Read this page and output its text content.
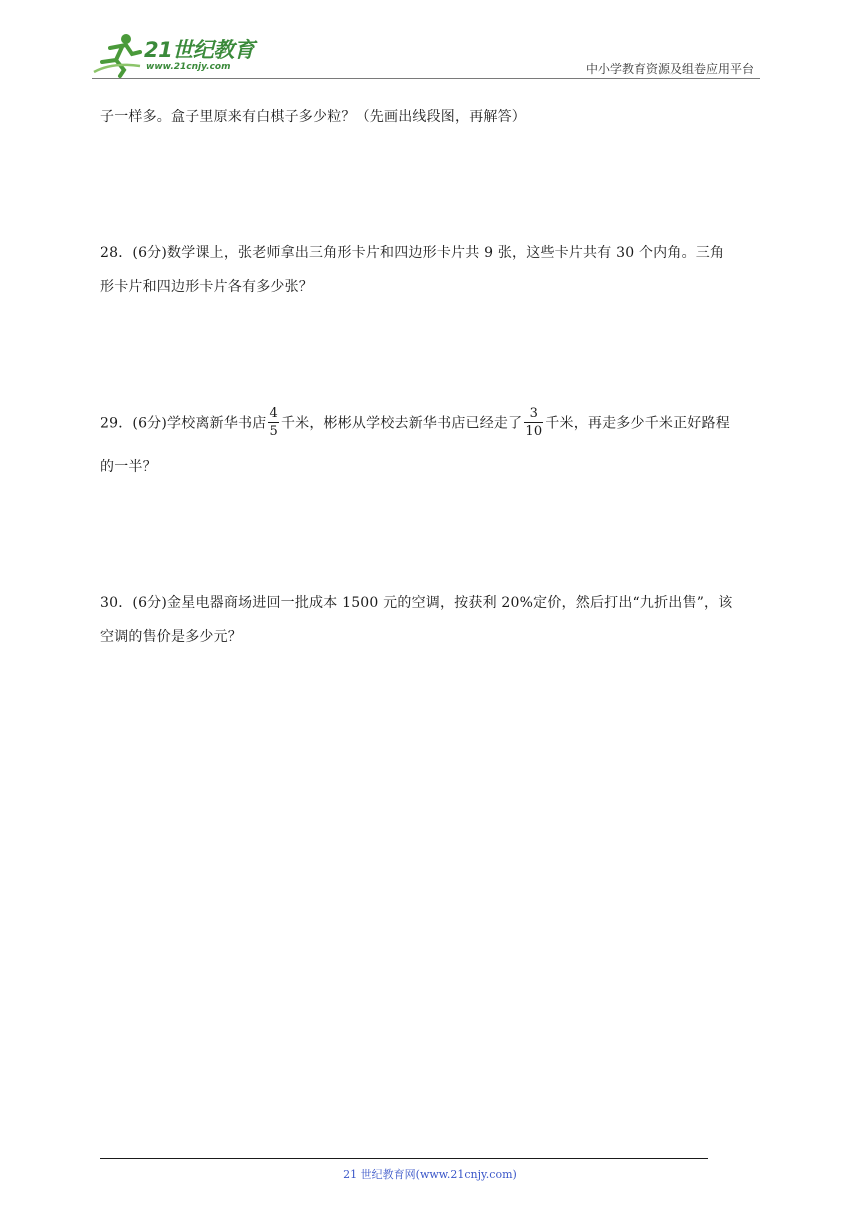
21世纪教育
www.21cnjy.com	中小学教育资源及组卷应用平台
子一样多。盒子里原来有白棋子多少粒？（先画出线段图，再解答）
28．(6分)数学课上，张老师拿出三角形卡片和四边形卡片共 9 张，这些卡片共有 30 个内角。三角
形卡片和四边形卡片各有多少张？
29．(6分)学校离新华书店 $\frac{4}{5}$ 千米，彬彬从学校去新华书店已经走了 $\frac{3}{10}$ 千米，再走多少千米正好路程
的一半？
30．(6分)金星电器商场进回一批成本 1500 元的空调，按获利 20%定价，然后打出“九折出售”，该
空调的售价是多少元？
21 世纪教育网(www.21cnjy.com)
